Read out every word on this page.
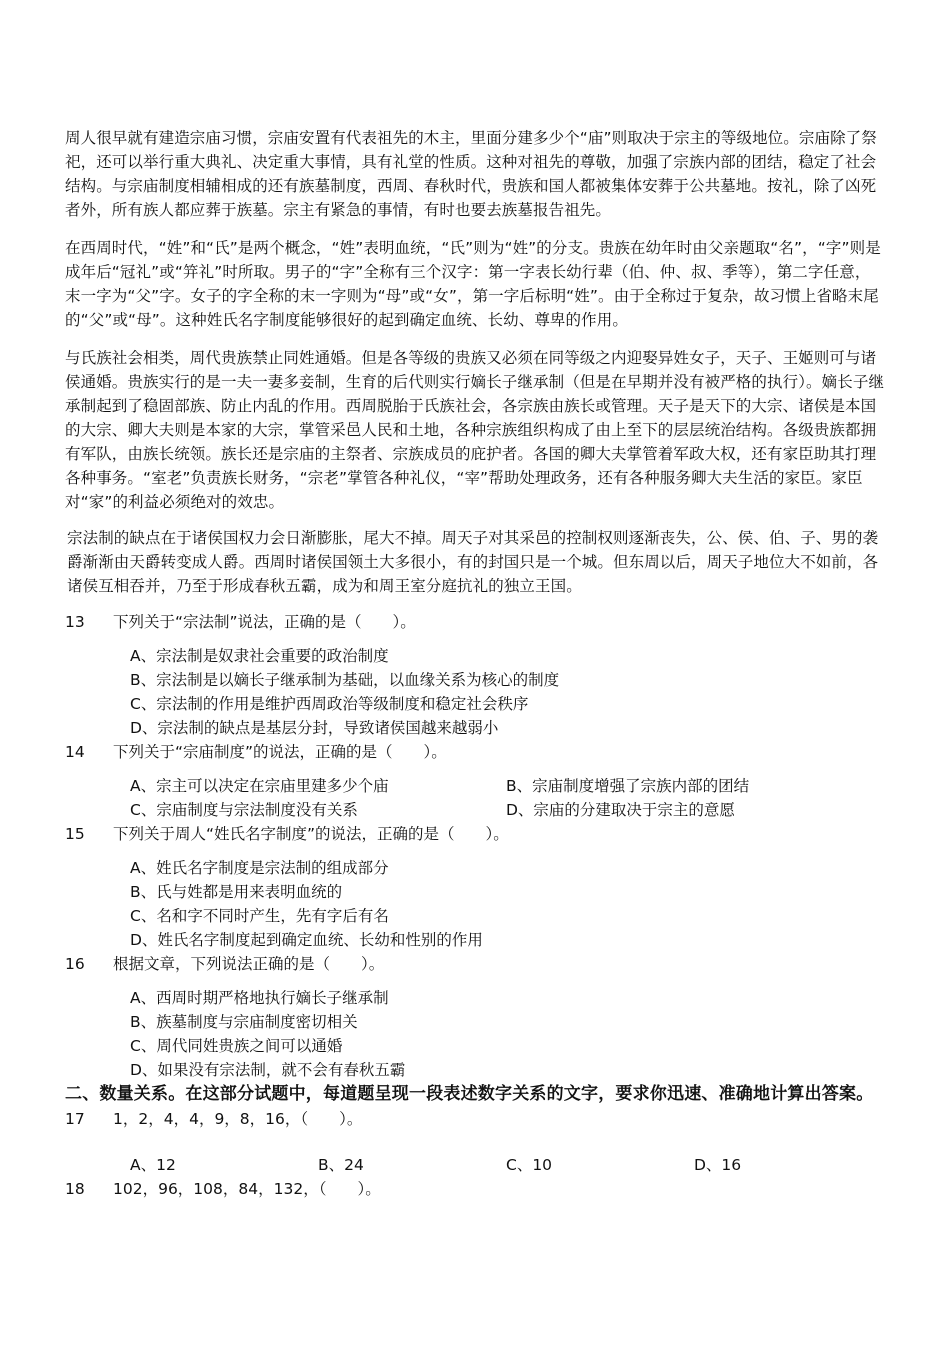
周人很早就有建造宗庙习惯，宗庙安置有代表祖先的木主，里面分建多少个“庙”则取决于宗主的等级地位。宗庙除了祭祀，还可以举行重大典礼、决定重大事情，具有礼堂的性质。这种对祖先的尊敬，加强了宗族内部的团结，稳定了社会结构。与宗庙制度相辅相成的还有族墓制度，西周、春秋时代，贵族和国人都被集体安葬于公共墓地。按礼，除了凶死者外，所有族人都应葬于族墓。宗主有紧急的事情，有时也要去族墓报告祖先。

在西周时代，“姓”和“氏”是两个概念，“姓”表明血统，“氏”则为“姓”的分支。贵族在幼年时由父亲题取“名”，“字”则是成年后“冠礼”或“笄礼”时所取。男子的“字”全称有三个汉字：第一字表长幼行辈（伯、仲、叔、季等），第二字任意，末一字为“父”字。女子的字全称的末一字则为“母”或“女”，第一字后标明“姓”。由于全称过于复杂，故习惯上省略末尾的“父”或“母”。这种姓氏名字制度能够很好的起到确定血统、长幼、尊卑的作用。

与氏族社会相类，周代贵族禁止同姓通婚。但是各等级的贵族又必须在同等级之内迎娶异姓女子，天子、王姬则可与诸侯通婚。贵族实行的是一夫一妻多妾制，生育的后代则实行嫡长子继承制（但是在早期并没有被严格的执行）。嫡长子继承制起到了稳固部族、防止内乱的作用。西周脱胎于氏族社会，各宗族由族长或管理。天子是天下的大宗、诸侯是本国的大宗、卿大夫则是本家的大宗，掌管采邑人民和土地，各种宗族组织构成了由上至下的层层统治结构。各级贵族都拥有军队，由族长统领。族长还是宗庙的主祭者、宗族成员的庇护者。各国的卿大夫掌管着军政大权，还有家臣助其打理各种事务。“室老”负责族长财务，“宗老”掌管各种礼仪，“宰”帮助处理政务，还有各种服务卿大夫生活的家臣。家臣对“家”的利益必须绝对的效忠。

宗法制的缺点在于诸侯国权力会日渐膨胀，尾大不掉。周天子对其采邑的控制权则逐渐丧失，公、侯、伯、子、男的袭爵渐渐由天爵转变成人爵。西周时诸侯国领土大多很小，有的封国只是一个城。但东周以后，周天子地位大不如前，各诸侯互相吞并，乃至于形成春秋五霸，成为和周王室分庭抗礼的独立王国。

13 下列关于“宗法制”说法，正确的是（　　）。
A、宗法制是奴隶社会重要的政治制度
B、宗法制是以嫡长子继承制为基础，以血缘关系为核心的制度
C、宗法制的作用是维护西周政治等级制度和稳定社会秩序
D、宗法制的缺点是基层分封，导致诸侯国越来越弱小
14 下列关于“宗庙制度”的说法，正确的是（　　）。
A、宗主可以决定在宗庙里建多少个庙	B、宗庙制度增强了宗族内部的团结
C、宗庙制度与宗法制度没有关系	D、宗庙的分建取决于宗主的意愿
15 下列关于周人“姓氏名字制度”的说法，正确的是（　　）。
A、姓氏名字制度是宗法制的组成部分
B、氏与姓都是用来表明血统的
C、名和字不同时产生，先有字后有名
D、姓氏名字制度起到确定血统、长幼和性别的作用
16 根据文章，下列说法正确的是（　　）。
A、西周时期严格地执行嫡长子继承制
B、族墓制度与宗庙制度密切相关
C、周代同姓贵族之间可以通婚
D、如果没有宗法制，就不会有春秋五霸

二、数量关系。在这部分试题中，每道题呈现一段表述数字关系的文字，要求你迅速、准确地计算出答案。

17 1，2，4，4，9，8，16，（　　）。
A、12	B、24	C、10	D、16
18 102，96，108，84，132，（　　）。
